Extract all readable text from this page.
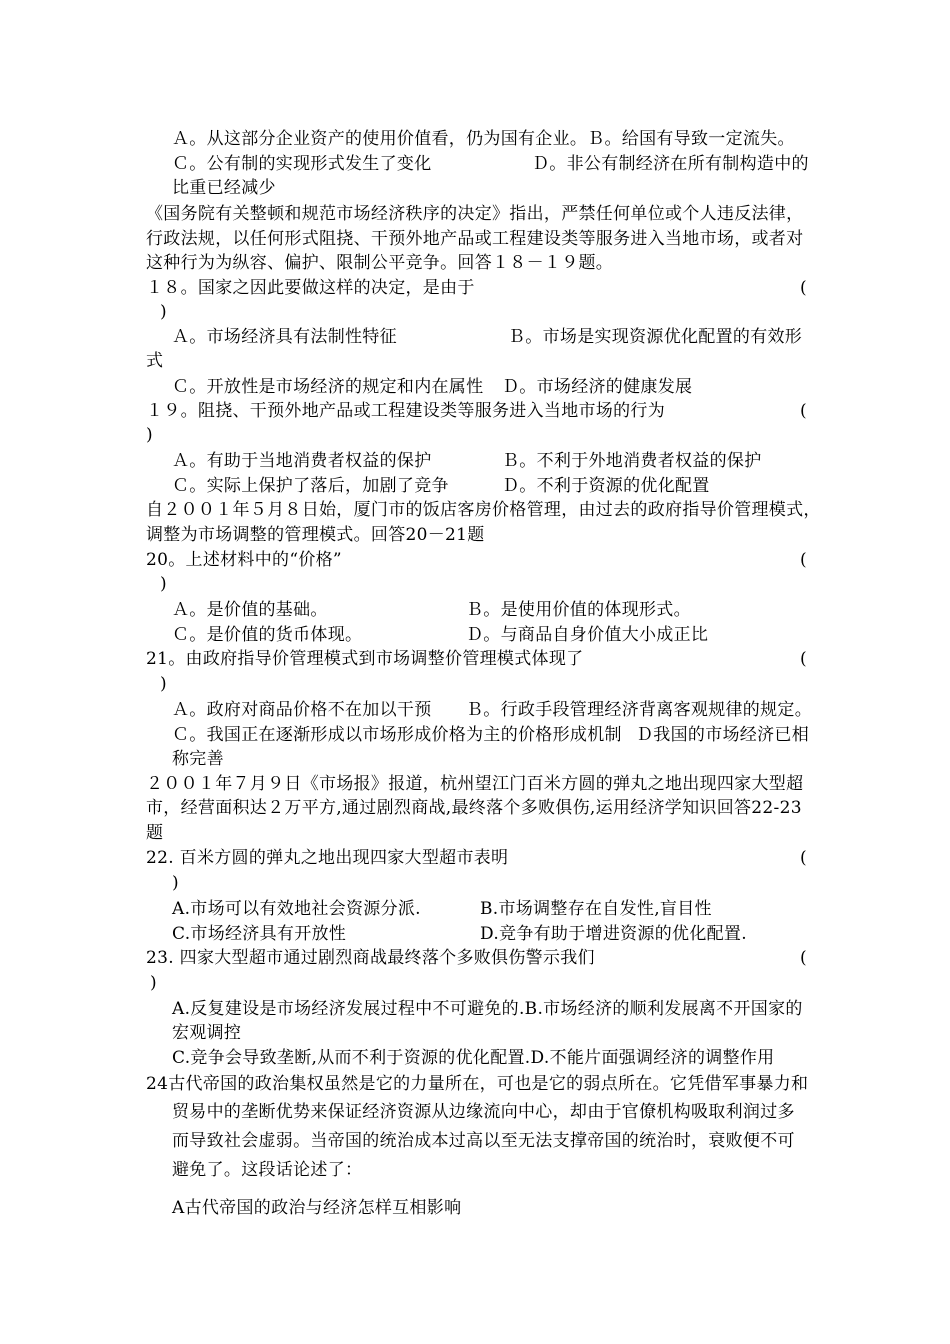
Ａ。从这部分企业资产的使用价值看，仍为国有企业。Ｂ。给国有导致一定流失。
Ｃ。公有制的实现形式发生了变化	Ｄ。非公有制经济在所有制构造中的
比重已经减少
《国务院有关整顿和规范市场经济秩序的决定》指出，严禁任何单位或个人违反法律，
行政法规，以任何形式阻挠、干预外地产品或工程建设类等服务进入当地市场，或者对
这种行为为纵容、偏护、限制公平竞争。回答１８－１９题。
１８。国家之因此要做这样的决定，是由于	(
)
Ａ。市场经济具有法制性特征	Ｂ。市场是实现资源优化配置的有效形
式
Ｃ。开放性是市场经济的规定和内在属性 Ｄ。市场经济的健康发展
１９。阻挠、干预外地产品或工程建设类等服务进入当地市场的行为	(
)
Ａ。有助于当地消费者权益的保护	Ｂ。不利于外地消费者权益的保护
Ｃ。实际上保护了落后，加剧了竞争	Ｄ。不利于资源的优化配置
自２００１年５月８日始，厦门市的饭店客房价格管理，由过去的政府指导价管理模式，
调整为市场调整的管理模式。回答20－21题
20。上述材料中的“价格”	(
)
Ａ。是价值的基础。	Ｂ。是使用价值的体现形式。
Ｃ。是价值的货币体现。	Ｄ。与商品自身价值大小成正比
21。由政府指导价管理模式到市场调整价管理模式体现了	(
)
Ａ。政府对商品价格不在加以干预 Ｂ。行政手段管理经济背离客观规律的规定。
Ｃ。我国正在逐渐形成以市场形成价格为主的价格形成机制 Ｄ我国的市场经济已相
称完善
２００１年７月９日《市场报》报道，杭州望江门百米方圆的弹丸之地出现四家大型超
市，经营面积达２万平方,通过剧烈商战,最终落个多败俱伤,运用经济学知识回答22-23
题
22. 百米方圆的弹丸之地出现四家大型超市表明	(
)
A.市场可以有效地社会资源分派.	B.市场调整存在自发性,盲目性
C.市场经济具有开放性	D.竞争有助于增进资源的优化配置.
23. 四家大型超市通过剧烈商战最终落个多败俱伤警示我们	(
)
A.反复建设是市场经济发展过程中不可避免的.B.市场经济的顺利发展离不开国家的
宏观调控
C.竞争会导致垄断,从而不利于资源的优化配置.D.不能片面强调经济的调整作用
24古代帝国的政治集权虽然是它的力量所在，可也是它的弱点所在。它凭借军事暴力和
贸易中的垄断优势来保证经济资源从边缘流向中心，却由于官僚机构吸取利润过多
而导致社会虚弱。当帝国的统治成本过高以至无法支撑帝国的统治时，衰败便不可
避免了。这段话论述了：
A古代帝国的政治与经济怎样互相影响
